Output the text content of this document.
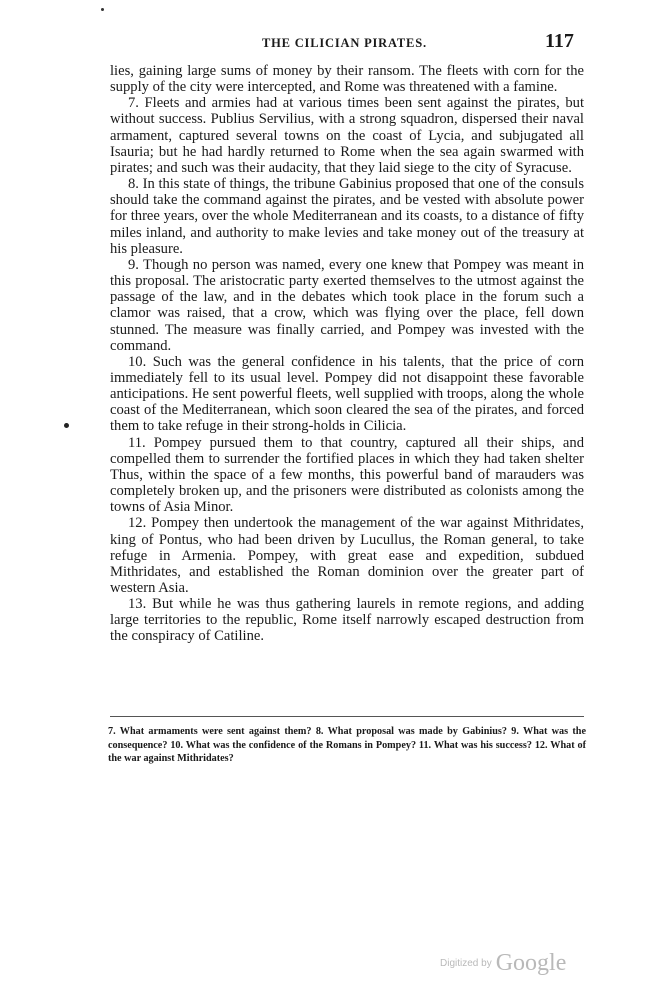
THE CILICIAN PIRATES.	117

lies, gaining large sums of money by their ransom. The fleets with corn for the supply of the city were intercepted, and Rome was threatened with a famine.

7. Fleets and armies had at various times been sent against the pirates, but without success. Publius Servilius, with a strong squadron, dispersed their naval armament, captured several towns on the coast of Lycia, and subjugated all Isauria; but he had hardly returned to Rome when the sea again swarmed with pirates; and such was their audacity, that they laid siege to the city of Syracuse.

8. In this state of things, the tribune Gabinius proposed that one of the consuls should take the command against the pirates, and be vested with absolute power for three years, over the whole Mediterranean and its coasts, to a distance of fifty miles inland, and authority to make levies and take money out of the treasury at his pleasure.

9. Though no person was named, every one knew that Pompey was meant in this proposal. The aristocratic party exerted themselves to the utmost against the passage of the law, and in the debates which took place in the forum such a clamor was raised, that a crow, which was flying over the place, fell down stunned. The measure was finally carried, and Pompey was invested with the command.

10. Such was the general confidence in his talents, that the price of corn immediately fell to its usual level. Pompey did not disappoint these favorable anticipations. He sent powerful fleets, well supplied with troops, along the whole coast of the Mediterranean, which soon cleared the sea of the pirates, and forced them to take refuge in their strong-holds in Cilicia.

11. Pompey pursued them to that country, captured all their ships, and compelled them to surrender the fortified places in which they had taken shelter Thus, within the space of a few months, this powerful band of marauders was completely broken up, and the prisoners were distributed as colonists among the towns of Asia Minor.

12. Pompey then undertook the management of the war against Mithridates, king of Pontus, who had been driven by Lucullus, the Roman general, to take refuge in Armenia. Pompey, with great ease and expedition, subdued Mithridates, and established the Roman dominion over the greater part of western Asia.

13. But while he was thus gathering laurels in remote regions, and adding large territories to the republic, Rome itself narrowly escaped destruction from the conspiracy of Catiline.

7. What armaments were sent against them? 8. What proposal was made by Gabinius? 9. What was the consequence? 10. What was the confidence of the Romans in Pompey? 11. What was his success? 12. What of the war against Mithridates?
Digitized by Google
